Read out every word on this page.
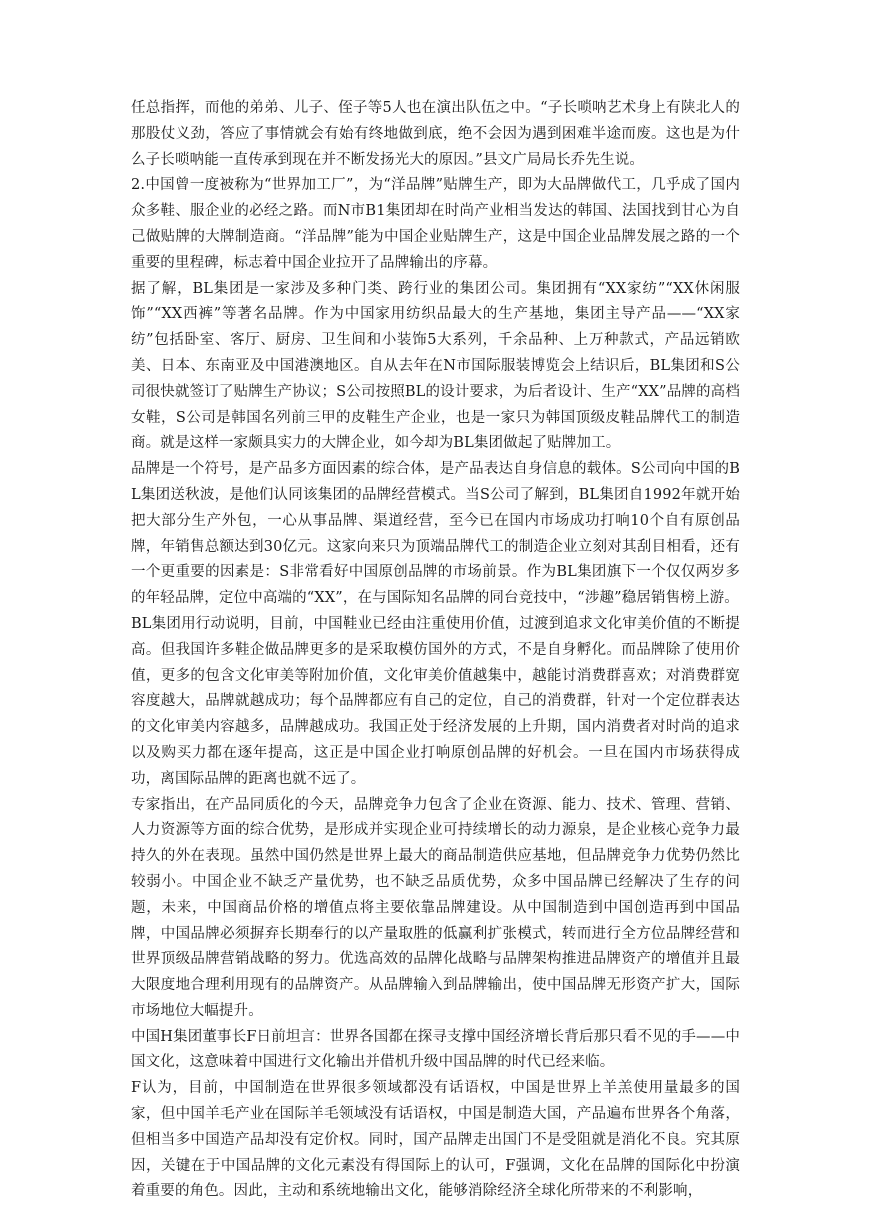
任总指挥，而他的弟弟、儿子、侄子等5人也在演出队伍之中。“子长唢呐艺术身上有陕北人的那股仗义劲，答应了事情就会有始有终地做到底，绝不会因为遇到困难半途而废。这也是为什么子长唢呐能一直传承到现在并不断发扬光大的原因。”县文广局局长乔先生说。

2.中国曾一度被称为“世界加工厂”，为“洋品牌”贴牌生产，即为大品牌做代工，几乎成了国内众多鞋、服企业的必经之路。而N市B1集团却在时尚产业相当发达的韩国、法国找到甘心为自己做贴牌的大牌制造商。“洋品牌”能为中国企业贴牌生产，这是中国企业品牌发展之路的一个重要的里程碑，标志着中国企业拉开了品牌输出的序幕。

据了解，BL集团是一家涉及多种门类、跨行业的集团公司。集团拥有“XX家纺”“XX休闲服饰”“XX西裤”等著名品牌。作为中国家用纺织品最大的生产基地，集团主导产品——“XX家纺”包括卧室、客厅、厨房、卫生间和小装饰5大系列，千余品种、上万种款式，产品远销欧美、日本、东南亚及中国港澳地区。自从去年在N市国际服装博览会上结识后，BL集团和S公司很快就签订了贴牌生产协议；S公司按照BL的设计要求，为后者设计、生产“XX”品牌的高档女鞋，S公司是韩国名列前三甲的皮鞋生产企业，也是一家只为韩国顶级皮鞋品牌代工的制造商。就是这样一家颇具实力的大牌企业，如今却为BL集团做起了贴牌加工。

品牌是一个符号，是产品多方面因素的综合体，是产品表达自身信息的载体。S公司向中国的BL集团送秋波，是他们认同该集团的品牌经营模式。当S公司了解到，BL集团自1992年就开始把大部分生产外包，一心从事品牌、渠道经营，至今已在国内市场成功打响10个自有原创品牌，年销售总额达到30亿元。这家向来只为顶端品牌代工的制造企业立刻对其刮目相看，还有一个更重要的因素是：S非常看好中国原创品牌的市场前景。作为BL集团旗下一个仅仅两岁多的年轻品牌，定位中高端的“XX”，在与国际知名品牌的同台竞技中，“涉趣”稳居销售榜上游。

BL集团用行动说明，目前，中国鞋业已经由注重使用价值，过渡到追求文化审美价值的不断提高。但我国许多鞋企做品牌更多的是采取模仿国外的方式，不是自身孵化。而品牌除了使用价值，更多的包含文化审美等附加价值，文化审美价值越集中，越能讨消费群喜欢；对消费群宽容度越大，品牌就越成功；每个品牌都应有自己的定位，自己的消费群，针对一个定位群表达的文化审美内容越多，品牌越成功。我国正处于经济发展的上升期，国内消费者对时尚的追求以及购买力都在逐年提高，这正是中国企业打响原创品牌的好机会。一旦在国内市场获得成功，离国际品牌的距离也就不远了。

专家指出，在产品同质化的今天，品牌竞争力包含了企业在资源、能力、技术、管理、营销、人力资源等方面的综合优势，是形成并实现企业可持续增长的动力源泉，是企业核心竞争力最持久的外在表现。虽然中国仍然是世界上最大的商品制造供应基地，但品牌竞争力优势仍然比较弱小。中国企业不缺乏产量优势，也不缺乏品质优势，众多中国品牌已经解决了生存的问题，未来，中国商品价格的增值点将主要依靠品牌建设。从中国制造到中国创造再到中国品牌，中国品牌必须摒弃长期奉行的以产量取胜的低赢利扩张模式，转而进行全方位品牌经营和世界顶级品牌营销战略的努力。优选高效的品牌化战略与品牌架构推进品牌资产的增值并且最大限度地合理利用现有的品牌资产。从品牌输入到品牌输出，使中国品牌无形资产扩大，国际市场地位大幅提升。

中国H集团董事长F日前坦言：世界各国都在探寻支撑中国经济增长背后那只看不见的手——中国文化，这意味着中国进行文化输出并借机升级中国品牌的时代已经来临。

F认为，目前，中国制造在世界很多领域都没有话语权，中国是世界上羊羔使用量最多的国家，但中国羊毛产业在国际羊毛领域没有话语权，中国是制造大国，产品遍布世界各个角落，但相当多中国造产品却没有定价权。同时，国产品牌走出国门不是受阻就是消化不良。究其原因，关键在于中国品牌的文化元素没有得国际上的认可，F强调，文化在品牌的国际化中扮演着重要的角色。因此，主动和系统地输出文化，能够消除经济全球化所带来的不利影响，
